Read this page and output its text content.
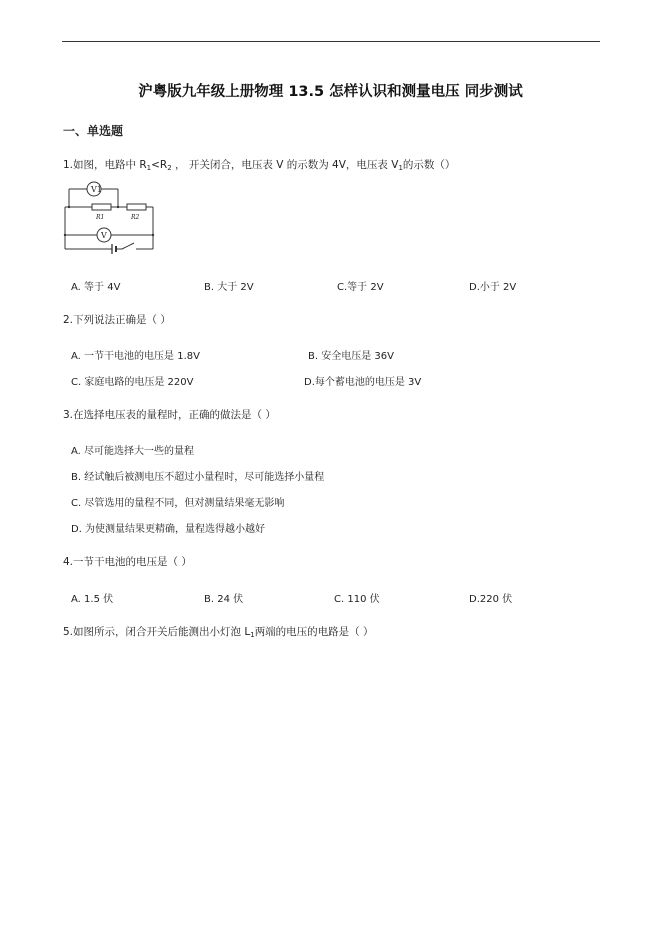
沪粤版九年级上册物理 13.5 怎样认识和测量电压 同步测试
一、单选题
1.如图，电路中 $R_1<R_2$ ， 开关闭合，电压表 V 的示数为 4V，电压表 $V_1$的示数（）
V1
V
R1	R2
A. 等于 4V	B. 大于 2V	C.等于 2V	D.小于 2V
2.下列说法正确是（ ）
A. 一节干电池的电压是 1.8V	B. 安全电压是 36V
C. 家庭电路的电压是 220V	D.每个蓄电池的电压是 3V
3.在选择电压表的量程时，正确的做法是（ ）
A. 尽可能选择大一些的量程
B. 经试触后被测电压不超过小量程时，尽可能选择小量程
C. 尽管选用的量程不同，但对测量结果毫无影响
D. 为使测量结果更精确，量程选得越小越好
4.一节干电池的电压是（ ）
A. 1.5 伏	B. 24 伏	C. 110 伏	D.220 伏
5.如图所示，闭合开关后能测出小灯泡 $L_1$两端的电压的电路是（ ）
